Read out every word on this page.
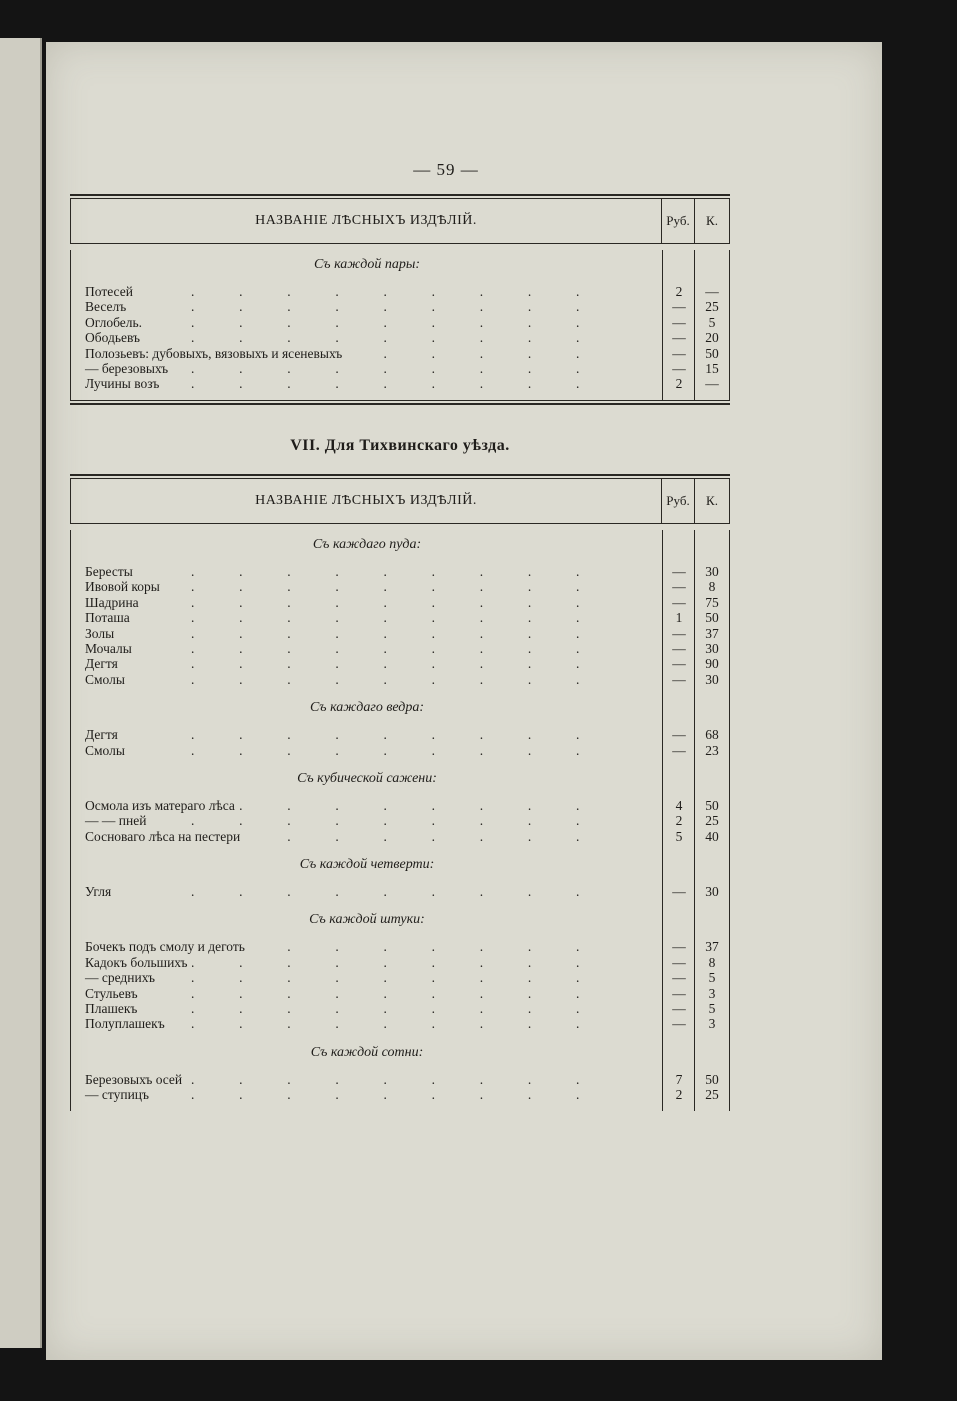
— 59 —
НАЗВАНІЕ ЛѢСНЫХЪ ИЗДѢЛІЙ.	Руб.	К.
Съ каждой пары:
Потесей .	2	—
Веселъ .	—	25
Оглобель. .	—	5
Ободьевъ .	—	20
Полозьевъ: дубовыхъ, вязовыхъ и ясеневыхъ .	—	50
— березовыхъ .	—	15
Лучины возъ .	2	—
VII. Для Тихвинскаго уѣзда.
НАЗВАНІЕ ЛѢСНЫХЪ ИЗДѢЛІЙ.	Руб.	К.
Съ каждаго пуда:
Бересты .	—	30
Ивовой коры .	—	8
Шадрина .	—	75
Поташа .	1	50
Золы .	—	37
Мочалы .	—	30
Дегтя .	—	90
Смолы .	—	30
Съ каждаго ведра:
Дегтя .	—	68
Смолы .	—	23
Съ кубической сажени:
Осмола изъ матераго лѣса .	4	50
— — пней .	2	25
Сосноваго лѣса на пестери .	5	40
Съ каждой четверти:
Угля .	—	30
Съ каждой штуки:
Бочекъ подъ смолу и деготь .	—	37
Кадокъ большихъ .	—	8
— среднихъ .	—	5
Стульевъ .	—	3
Плашекъ .	—	5
Полуплашекъ .	—	3
Съ каждой сотни:
Березовыхъ осей .	7	50
— ступицъ .	2	25
